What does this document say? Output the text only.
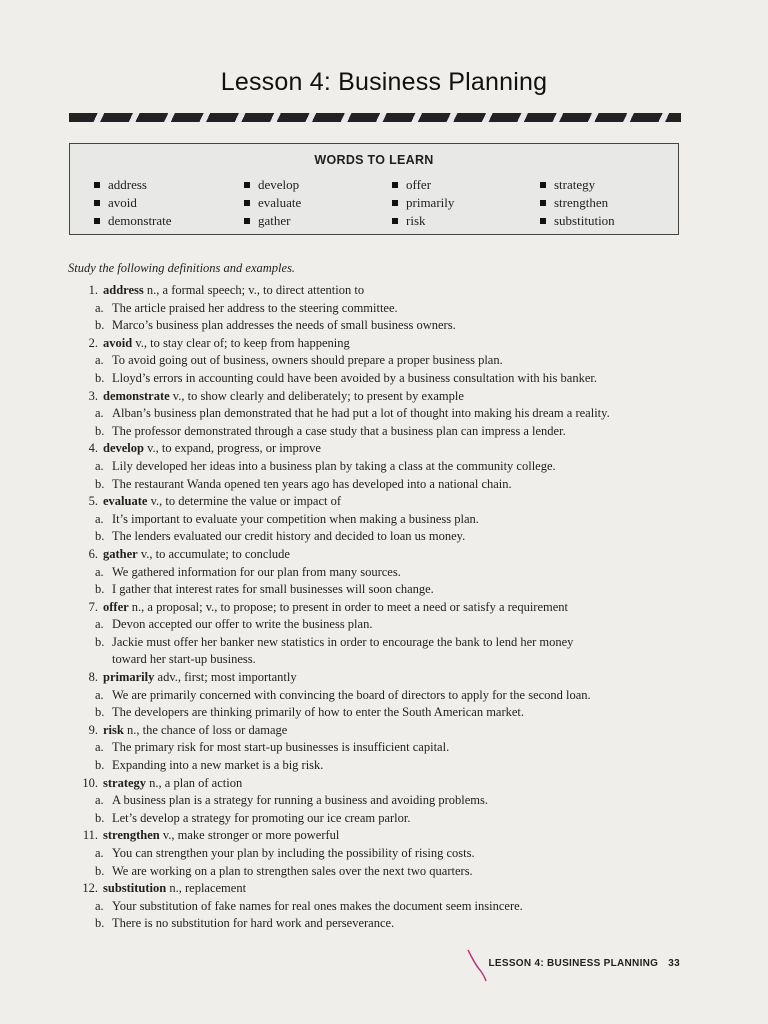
Lesson 4: Business Planning
WORDS TO LEARN
address
avoid
demonstrate
develop
evaluate
gather
offer
primarily
risk
strategy
strengthen
substitution
Study the following definitions and examples.
1. address n., a formal speech; v., to direct attention to
a. The article praised her address to the steering committee.
b. Marco’s business plan addresses the needs of small business owners.
2. avoid v., to stay clear of; to keep from happening
a. To avoid going out of business, owners should prepare a proper business plan.
b. Lloyd’s errors in accounting could have been avoided by a business consultation with his banker.
3. demonstrate v., to show clearly and deliberately; to present by example
a. Alban’s business plan demonstrated that he had put a lot of thought into making his dream a reality.
b. The professor demonstrated through a case study that a business plan can impress a lender.
4. develop v., to expand, progress, or improve
a. Lily developed her ideas into a business plan by taking a class at the community college.
b. The restaurant Wanda opened ten years ago has developed into a national chain.
5. evaluate v., to determine the value or impact of
a. It’s important to evaluate your competition when making a business plan.
b. The lenders evaluated our credit history and decided to loan us money.
6. gather v., to accumulate; to conclude
a. We gathered information for our plan from many sources.
b. I gather that interest rates for small businesses will soon change.
7. offer n., a proposal; v., to propose; to present in order to meet a need or satisfy a requirement
a. Devon accepted our offer to write the business plan.
b. Jackie must offer her banker new statistics in order to encourage the bank to lend her money
toward her start-up business.
8. primarily adv., first; most importantly
a. We are primarily concerned with convincing the board of directors to apply for the second loan.
b. The developers are thinking primarily of how to enter the South American market.
9. risk n., the chance of loss or damage
a. The primary risk for most start-up businesses is insufficient capital.
b. Expanding into a new market is a big risk.
10. strategy n., a plan of action
a. A business plan is a strategy for running a business and avoiding problems.
b. Let’s develop a strategy for promoting our ice cream parlor.
11. strengthen v., make stronger or more powerful
a. You can strengthen your plan by including the possibility of rising costs.
b. We are working on a plan to strengthen sales over the next two quarters.
12. substitution n., replacement
a. Your substitution of fake names for real ones makes the document seem insincere.
b. There is no substitution for hard work and perseverance.
LESSON 4: BUSINESS PLANNING 33
